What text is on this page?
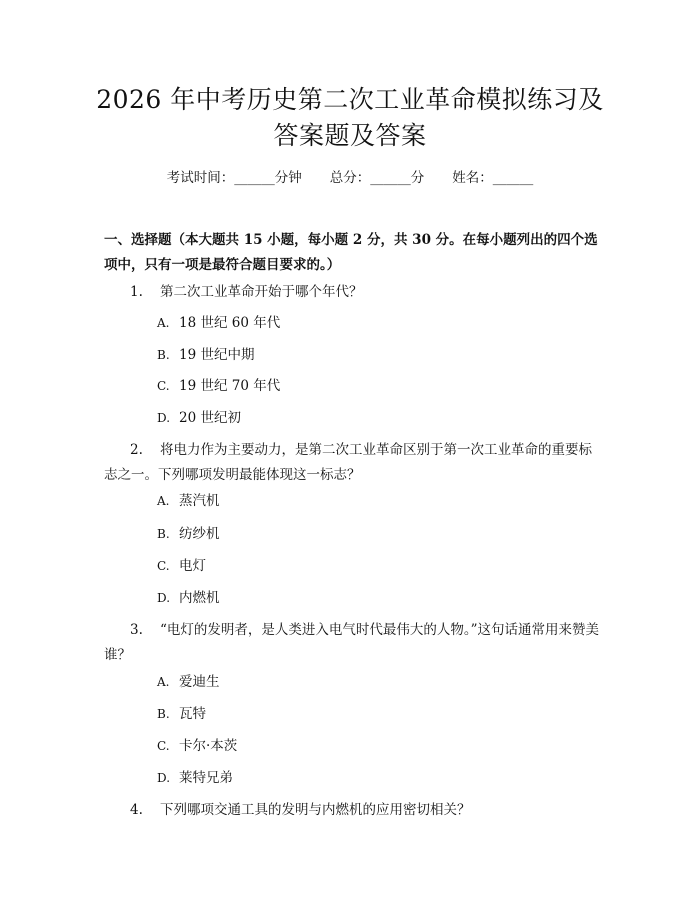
2026 年中考历史第二次工业革命模拟练习及
答案题及答案
考试时间：______分钟 总分：______分 姓名：______
一、选择题（本大题共 15 小题，每小题 2 分，共 30 分。在每小题列出的四个选项中，只有一项是最符合题目要求的。）
1. 第二次工业革命开始于哪个年代？
A. 18 世纪 60 年代
B. 19 世纪中期
C. 19 世纪 70 年代
D. 20 世纪初
2. 将电力作为主要动力，是第二次工业革命区别于第一次工业革命的重要标志之一。下列哪项发明最能体现这一标志？
A. 蒸汽机
B. 纺纱机
C. 电灯
D. 内燃机
3. “电灯的发明者，是人类进入电气时代最伟大的人物。”这句话通常用来赞美谁？
A. 爱迪生
B. 瓦特
C. 卡尔·本茨
D. 莱特兄弟
4. 下列哪项交通工具的发明与内燃机的应用密切相关？
